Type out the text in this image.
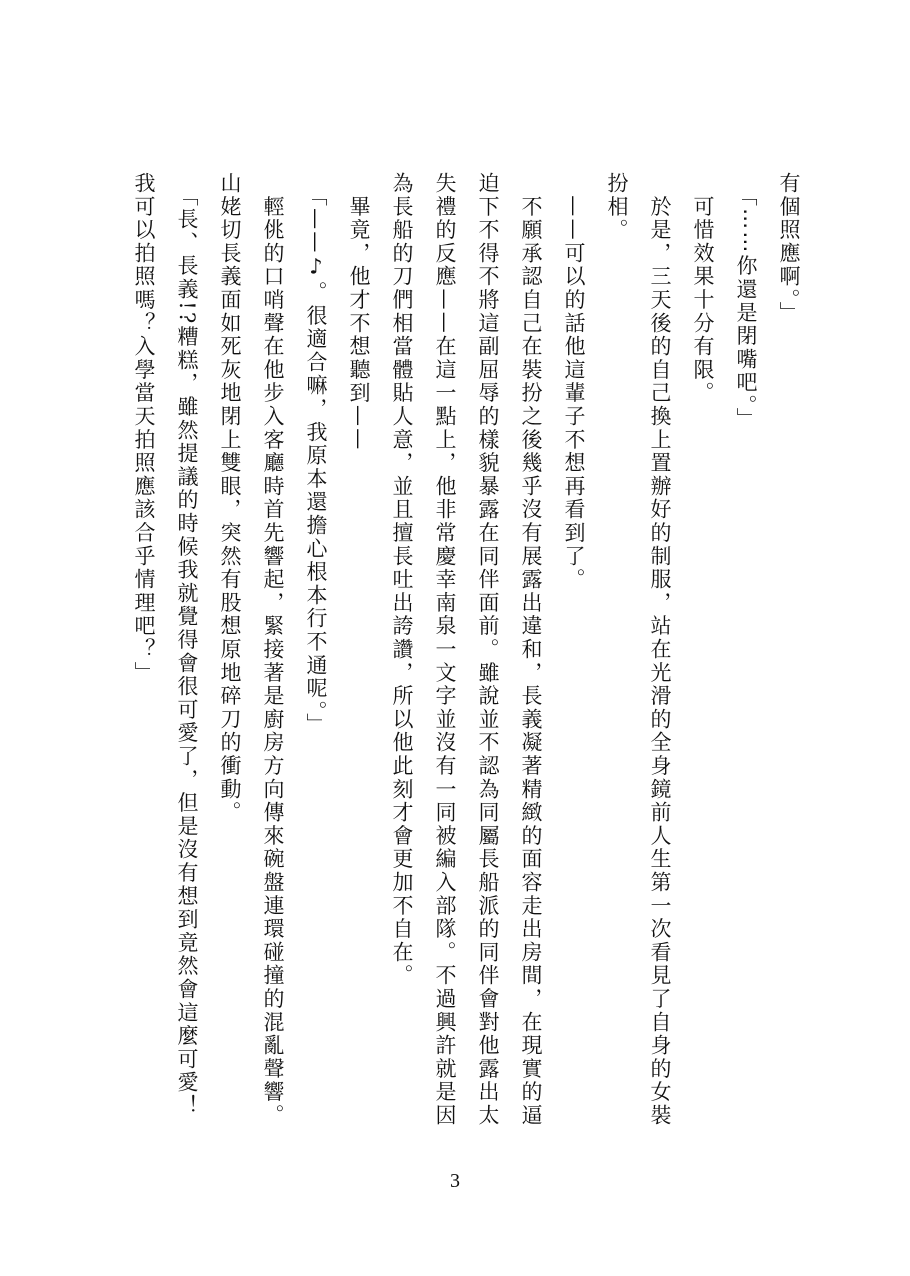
有個照應啊。」

　「⋯⋯你還是閉嘴吧。」

　可惜效果十分有限。

　於是，三天後的自己換上置辦好的制服，站在光滑的全身鏡前人生第一次看見了自身的女裝扮相。

　——可以的話他這輩子不想再看到了。

　不願承認自己在裝扮之後幾乎沒有展露出違和，長義凝著精緻的面容走出房間，在現實的逼迫下不得不將這副屈辱的樣貌暴露在同伴面前。雖說並不認為同屬長船派的同伴會對他露出太失禮的反應——在這一點上，他非常慶幸南泉一文字並沒有一同被編入部隊。不過興許就是因為長船的刀們相當體貼人意，並且擅長吐出誇讚，所以他此刻才會更加不自在。

　畢竟，他才不想聽到——

　「——♪。很適合嘛，我原本還擔心根本行不通呢。」

　輕佻的口哨聲在他步入客廳時首先響起，緊接著是廚房方向傳來碗盤連環碰撞的混亂聲響。山姥切長義面如死灰地閉上雙眼，突然有股想原地碎刀的衝動。

　「長、長義!?糟糕，雖然提議的時候我就覺得會很可愛了，但是沒有想到竟然會這麼可愛！我可以拍照嗎？入學當天拍照應該合乎情理吧？」

3
